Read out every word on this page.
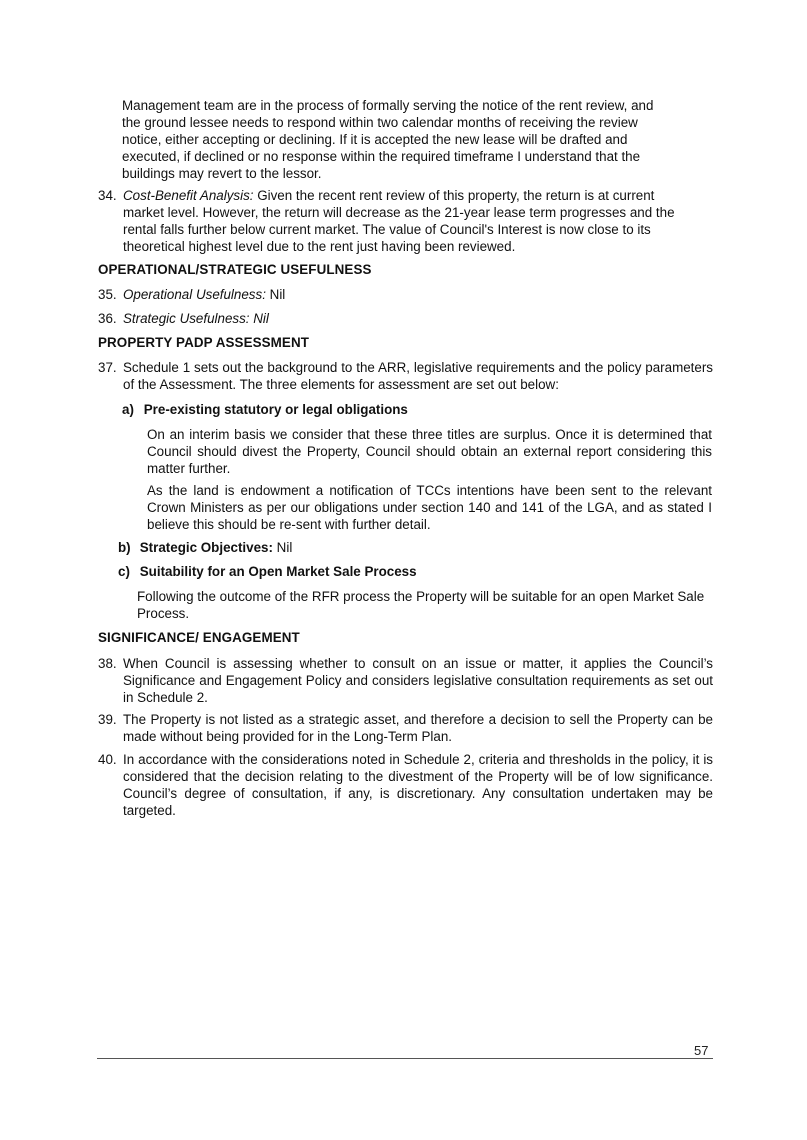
Management team are in the process of formally serving the notice of the rent review, and
the ground lessee needs to respond within two calendar months of receiving the review
notice, either accepting or declining. If it is accepted the new lease will be drafted and
executed, if declined or no response within the required timeframe I understand that the
buildings may revert to the lessor.
34. Cost-Benefit Analysis: Given the recent rent review of this property, the return is at current market level. However, the return will decrease as the 21-year lease term progresses and the rental falls further below current market. The value of Council's Interest is now close to its theoretical highest level due to the rent just having been reviewed.
OPERATIONAL/STRATEGIC USEFULNESS
35. Operational Usefulness: Nil
36. Strategic Usefulness: Nil
PROPERTY PADP ASSESSMENT
37. Schedule 1 sets out the background to the ARR, legislative requirements and the policy parameters of the Assessment. The three elements for assessment are set out below:
a) Pre-existing statutory or legal obligations
On an interim basis we consider that these three titles are surplus. Once it is determined that Council should divest the Property, Council should obtain an external report considering this matter further.
As the land is endowment a notification of TCCs intentions have been sent to the relevant Crown Ministers as per our obligations under section 140 and 141 of the LGA, and as stated I believe this should be re-sent with further detail.
b) Strategic Objectives: Nil
c) Suitability for an Open Market Sale Process
Following the outcome of the RFR process the Property will be suitable for an open Market Sale Process.
SIGNIFICANCE/ ENGAGEMENT
38. When Council is assessing whether to consult on an issue or matter, it applies the Council’s Significance and Engagement Policy and considers legislative consultation requirements as set out in Schedule 2.
39. The Property is not listed as a strategic asset, and therefore a decision to sell the Property can be made without being provided for in the Long-Term Plan.
40. In accordance with the considerations noted in Schedule 2, criteria and thresholds in the policy, it is considered that the decision relating to the divestment of the Property will be of low significance. Council’s degree of consultation, if any, is discretionary. Any consultation undertaken may be targeted.
57
